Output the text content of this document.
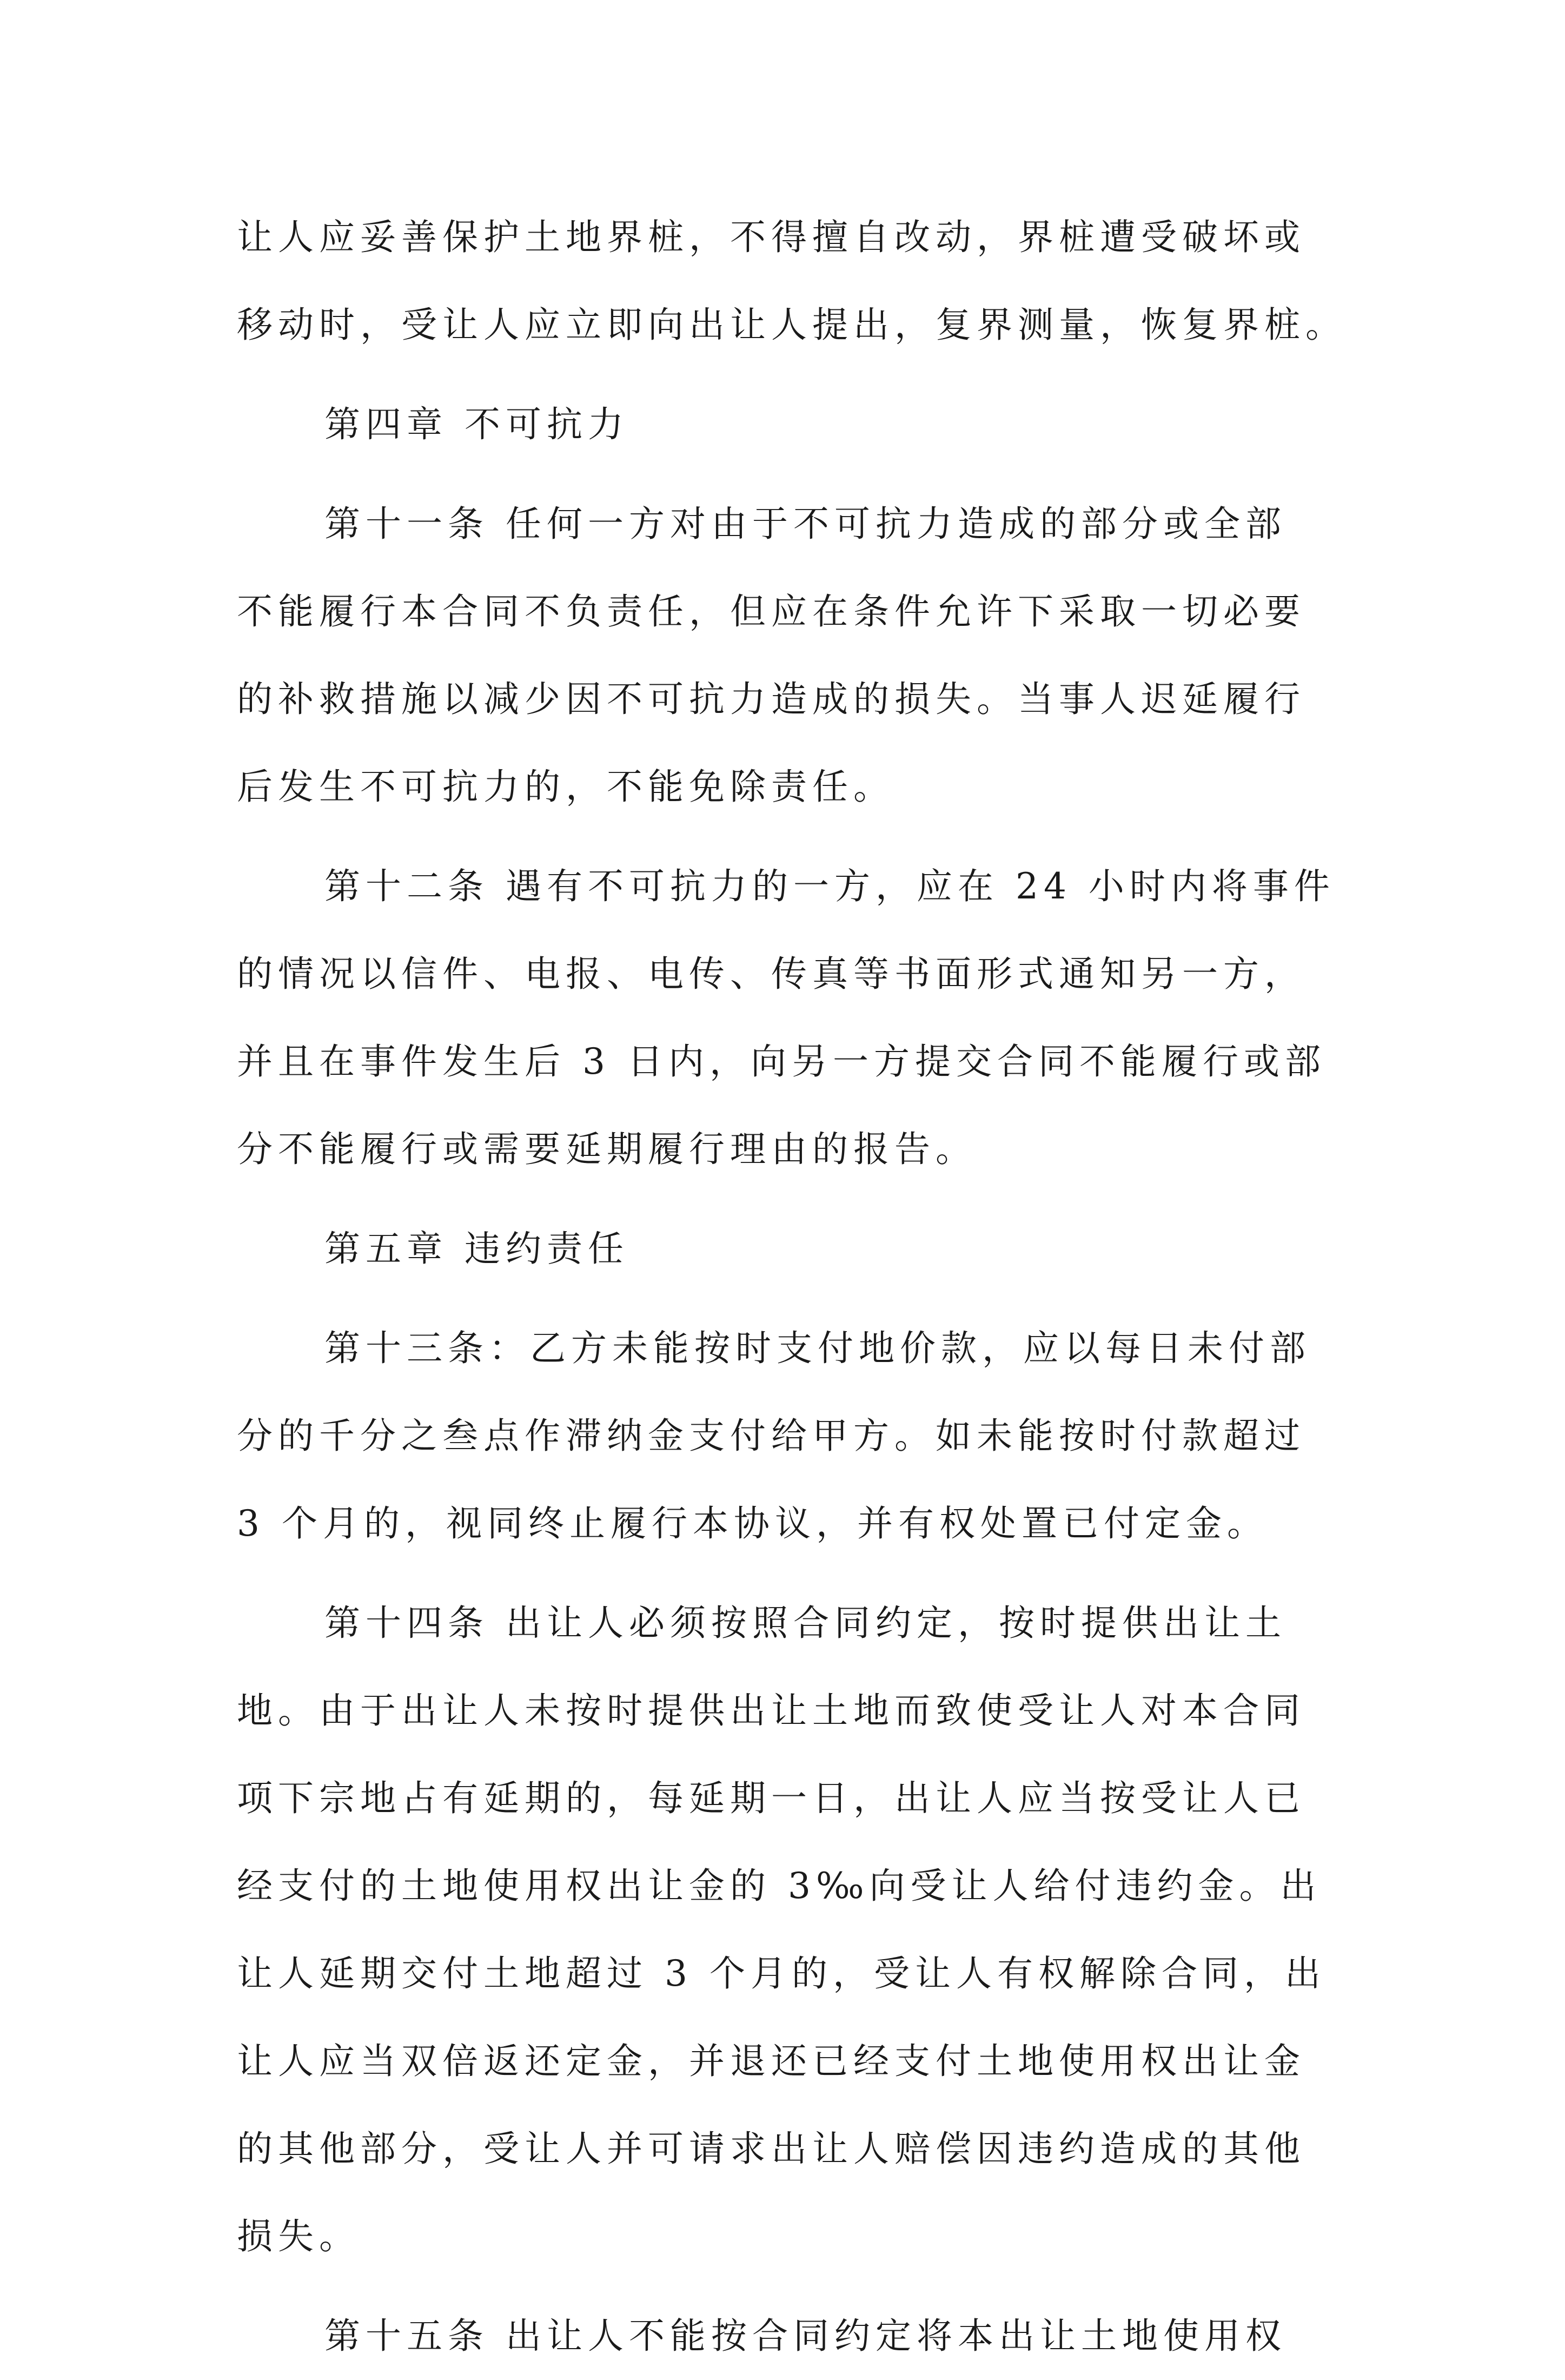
让人应妥善保护土地界桩，不得擅自改动，界桩遭受破坏或

移动时，受让人应立即向出让人提出，复界测量，恢复界桩。

第四章 不可抗力

第十一条 任何一方对由于不可抗力造成的部分或全部

不能履行本合同不负责任，但应在条件允许下采取一切必要

的补救措施以减少因不可抗力造成的损失。当事人迟延履行

后发生不可抗力的，不能免除责任。

第十二条 遇有不可抗力的一方，应在 24 小时内将事件

的情况以信件、电报、电传、传真等书面形式通知另一方，

并且在事件发生后 3 日内，向另一方提交合同不能履行或部

分不能履行或需要延期履行理由的报告。

第五章 违约责任

第十三条：乙方未能按时支付地价款，应以每日未付部

分的千分之叁点作滞纳金支付给甲方。如未能按时付款超过

3 个月的，视同终止履行本协议，并有权处置已付定金。

第十四条 出让人必须按照合同约定，按时提供出让土

地。由于出让人未按时提供出让土地而致使受让人对本合同

项下宗地占有延期的，每延期一日，出让人应当按受让人已

经支付的土地使用权出让金的 3‰向受让人给付违约金。出

让人延期交付土地超过 3 个月的，受让人有权解除合同，出

让人应当双倍返还定金，并退还已经支付土地使用权出让金

的其他部分，受让人并可请求出让人赔偿因违约造成的其他

损失。

第十五条 出让人不能按合同约定将本出让土地使用权
